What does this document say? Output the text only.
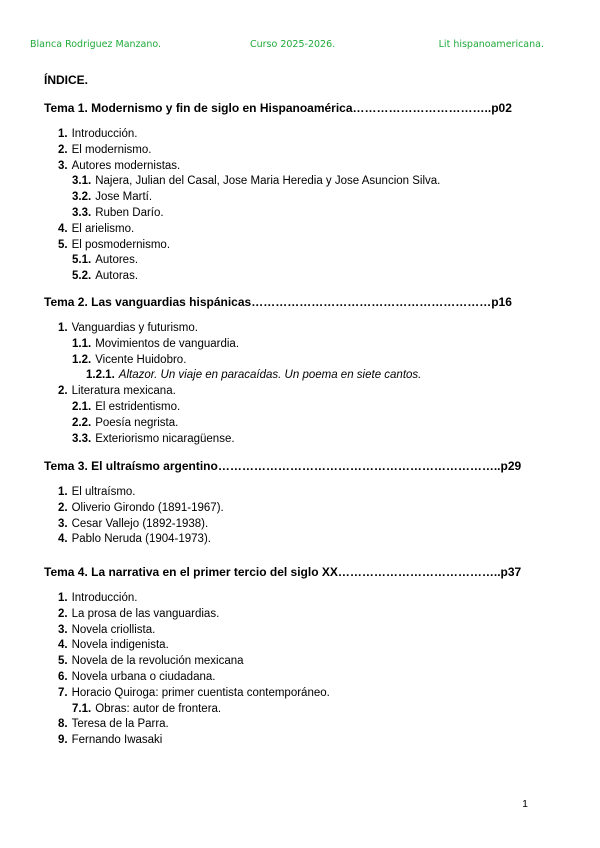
Blanca Rodriguez Manzano.	Curso 2025-2026.	Lit hispanoamericana.
ÍNDICE.
Tema 1. Modernismo y fin de siglo en Hispanoamérica……………………………..p02
1. Introducción.
2. El modernismo.
3. Autores modernistas.
3.1. Najera, Julian del Casal, Jose Maria Heredia y Jose Asuncion Silva.
3.2. Jose Martí.
3.3. Ruben Darío.
4. El arielismo.
5. El posmodernismo.
5.1. Autores.
5.2. Autoras.
Tema 2. Las vanguardias hispánicas……………………………………………………p16
1. Vanguardias y futurismo.
1.1. Movimientos de vanguardia.
1.2. Vicente Huidobro.
1.2.1. Altazor. Un viaje en paracaídas. Un poema en siete cantos.
2. Literatura mexicana.
2.1. El estridentismo.
2.2. Poesía negrista.
3.3. Exteriorismo nicaragüense.
Tema 3. El ultraísmo argentino……………………………………………………………..p29
1. El ultraísmo.
2. Oliverio Girondo (1891-1967).
3. Cesar Vallejo (1892-1938).
4. Pablo Neruda (1904-1973).
Tema 4. La narrativa en el primer tercio del siglo XX…………………………………..p37
1. Introducción.
2. La prosa de las vanguardias.
3. Novela criollista.
4. Novela indigenista.
5. Novela de la revolución mexicana
6. Novela urbana o ciudadana.
7. Horacio Quiroga: primer cuentista contemporáneo.
7.1. Obras: autor de frontera.
8. Teresa de la Parra.
9. Fernando Iwasaki
1
